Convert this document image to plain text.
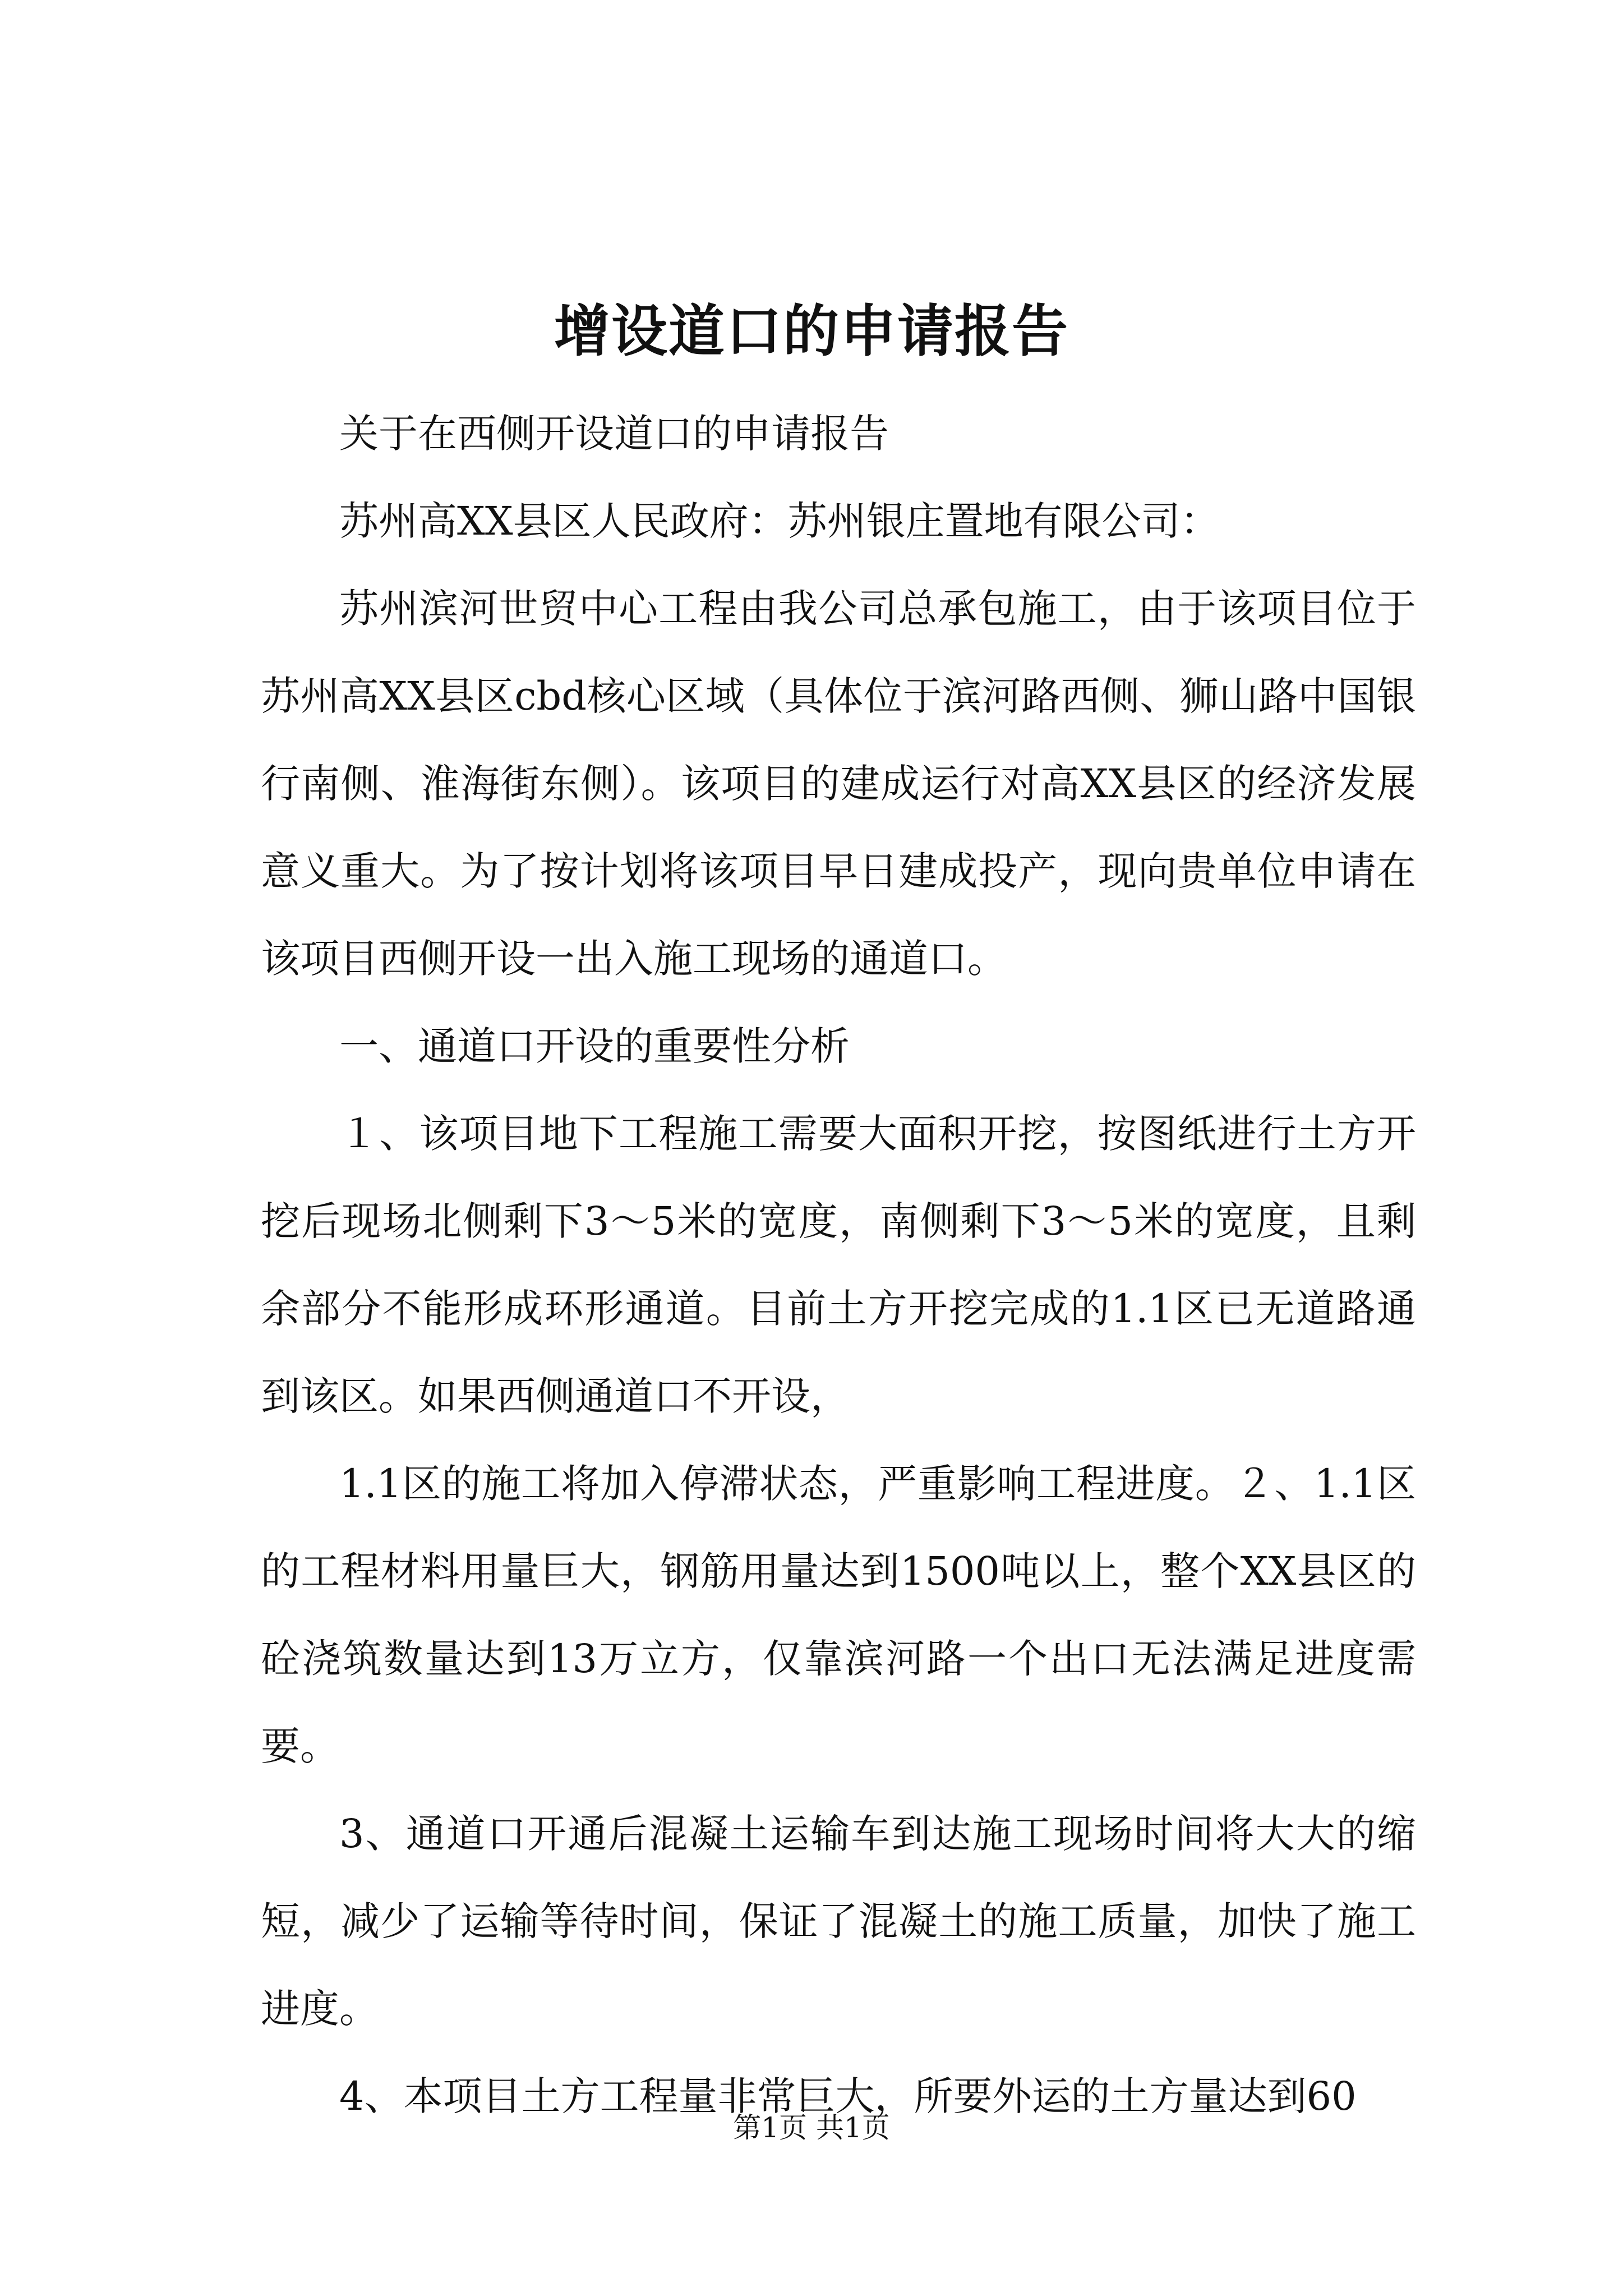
增设道口的申请报告

关于在西侧开设道口的申请报告

苏州高XX县区人民政府：苏州银庄置地有限公司：

苏州滨河世贸中心工程由我公司总承包施工，由于该项目位于苏州高XX县区cbd核心区域（具体位于滨河路西侧、狮山路中国银行南侧、淮海街东侧）。该项目的建成运行对高XX县区的经济发展意义重大。为了按计划将该项目早日建成投产，现向贵单位申请在该项目西侧开设一出入施工现场的通道口。

一、通道口开设的重要性分析

１、该项目地下工程施工需要大面积开挖，按图纸进行土方开挖后现场北侧剩下3～5米的宽度，南侧剩下3～5米的宽度，且剩余部分不能形成环形通道。目前土方开挖完成的1.1区已无道路通到该区。如果西侧通道口不开设，

1.1区的施工将加入停滞状态，严重影响工程进度。２、1.1区的工程材料用量巨大，钢筋用量达到1500吨以上，整个XX县区的砼浇筑数量达到13万立方，仅靠滨河路一个出口无法满足进度需要。

3、通道口开通后混凝土运输车到达施工现场时间将大大的缩短，减少了运输等待时间，保证了混凝土的施工质量，加快了施工进度。

4、本项目土方工程量非常巨大，所要外运的土方量达到60

第1页 共1页
